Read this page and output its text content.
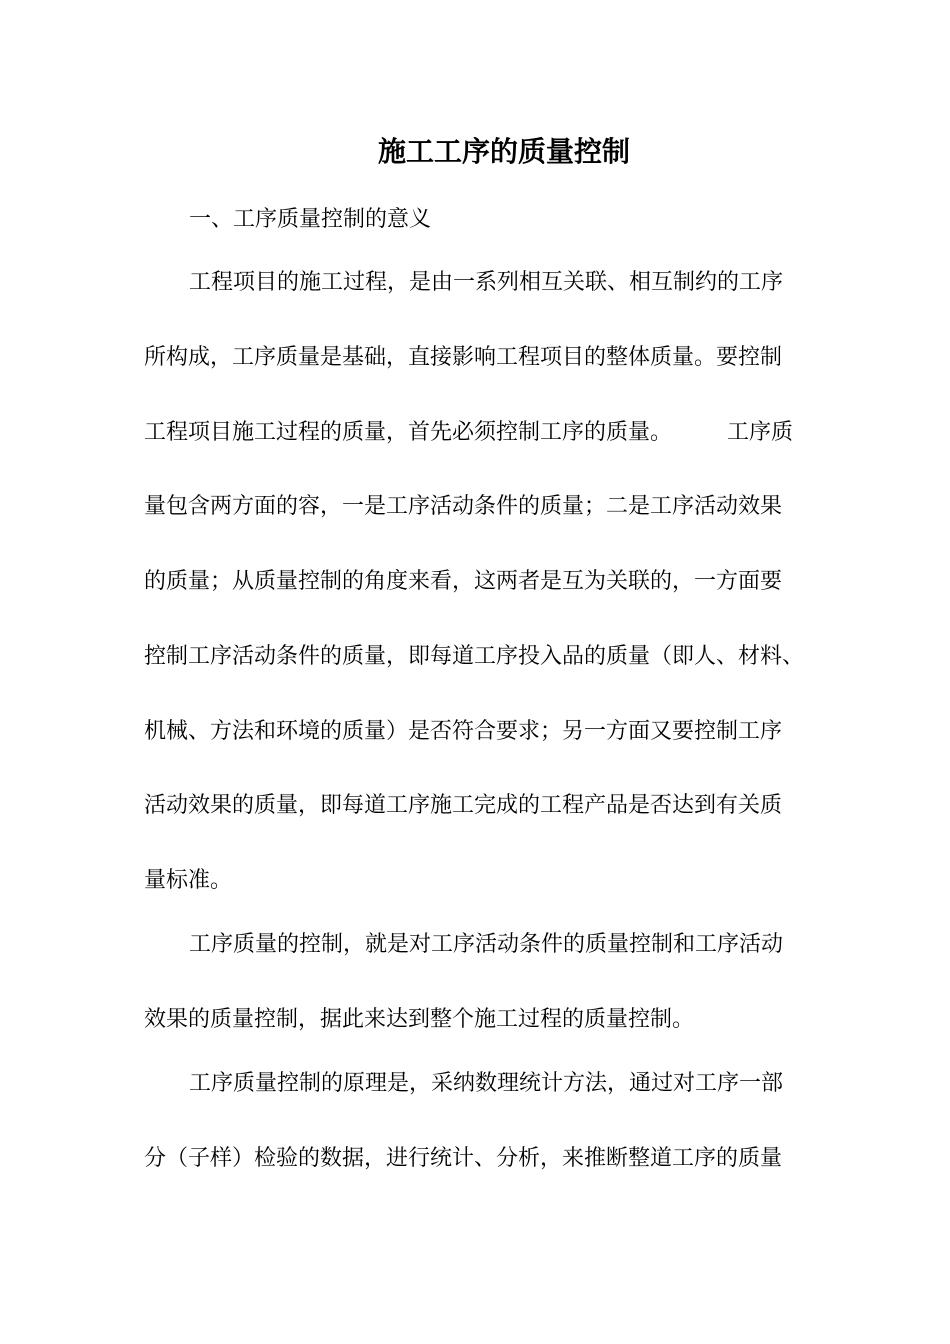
施工工序的质量控制
一、工序质量控制的意义
工程项目的施工过程，是由一系列相互关联、相互制约的工序
所构成，工序质量是基础，直接影响工程项目的整体质量。要控制
工程项目施工过程的质量，首先必须控制工序的质量。　　　工序质
量包含两方面的容，一是工序活动条件的质量；二是工序活动效果
的质量；从质量控制的角度来看，这两者是互为关联的，一方面要
控制工序活动条件的质量，即每道工序投入品的质量（即人、材料、
机械、方法和环境的质量）是否符合要求；另一方面又要控制工序
活动效果的质量，即每道工序施工完成的工程产品是否达到有关质
量标准。
工序质量的控制，就是对工序活动条件的质量控制和工序活动
效果的质量控制，据此来达到整个施工过程的质量控制。
工序质量控制的原理是，采纳数理统计方法，通过对工序一部
分（子样）检验的数据，进行统计、分析，来推断整道工序的质量
